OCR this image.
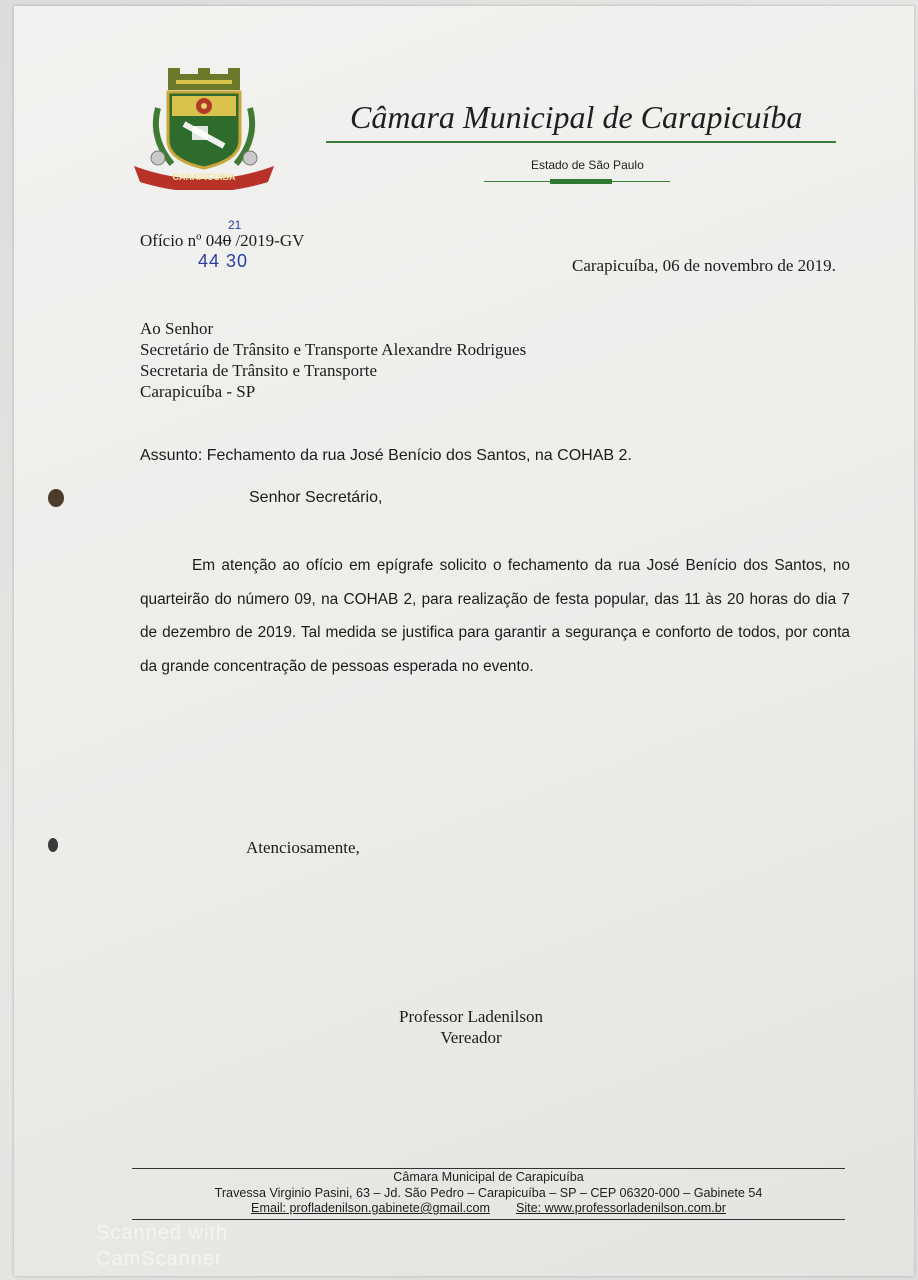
CARAPICUIBA
Câmara Municipal de Carapicuíba
Estado de São Paulo
Ofício nº 040 /2019-GV
21
44 30	Carapicuíba, 06 de novembro de 2019.
Ao Senhor
Secretário de Trânsito e Transporte Alexandre Rodrigues
Secretaria de Trânsito e Transporte
Carapicuíba - SP
Assunto: Fechamento da rua José Benício dos Santos, na COHAB 2.
Senhor Secretário,
Em atenção ao ofício em epígrafe solicito o fechamento da rua José Benício dos Santos, no quarteirão do número 09, na COHAB 2, para realização de festa popular, das 11 às 20 horas do dia 7 de dezembro de 2019. Tal medida se justifica para garantir a segurança e conforto de todos, por conta da grande concentração de pessoas esperada no evento.
Atenciosamente,
Professor Ladenilson
Vereador
Câmara Municipal de Carapicuíba
Travessa Virginio Pasini, 63 – Jd. São Pedro – Carapicuíba – SP – CEP 06320-000 – Gabinete 54
Email: profladenilson.gabinete@gmail.com Site: www.professorladenilson.com.br
Scanned with
CamScanner
